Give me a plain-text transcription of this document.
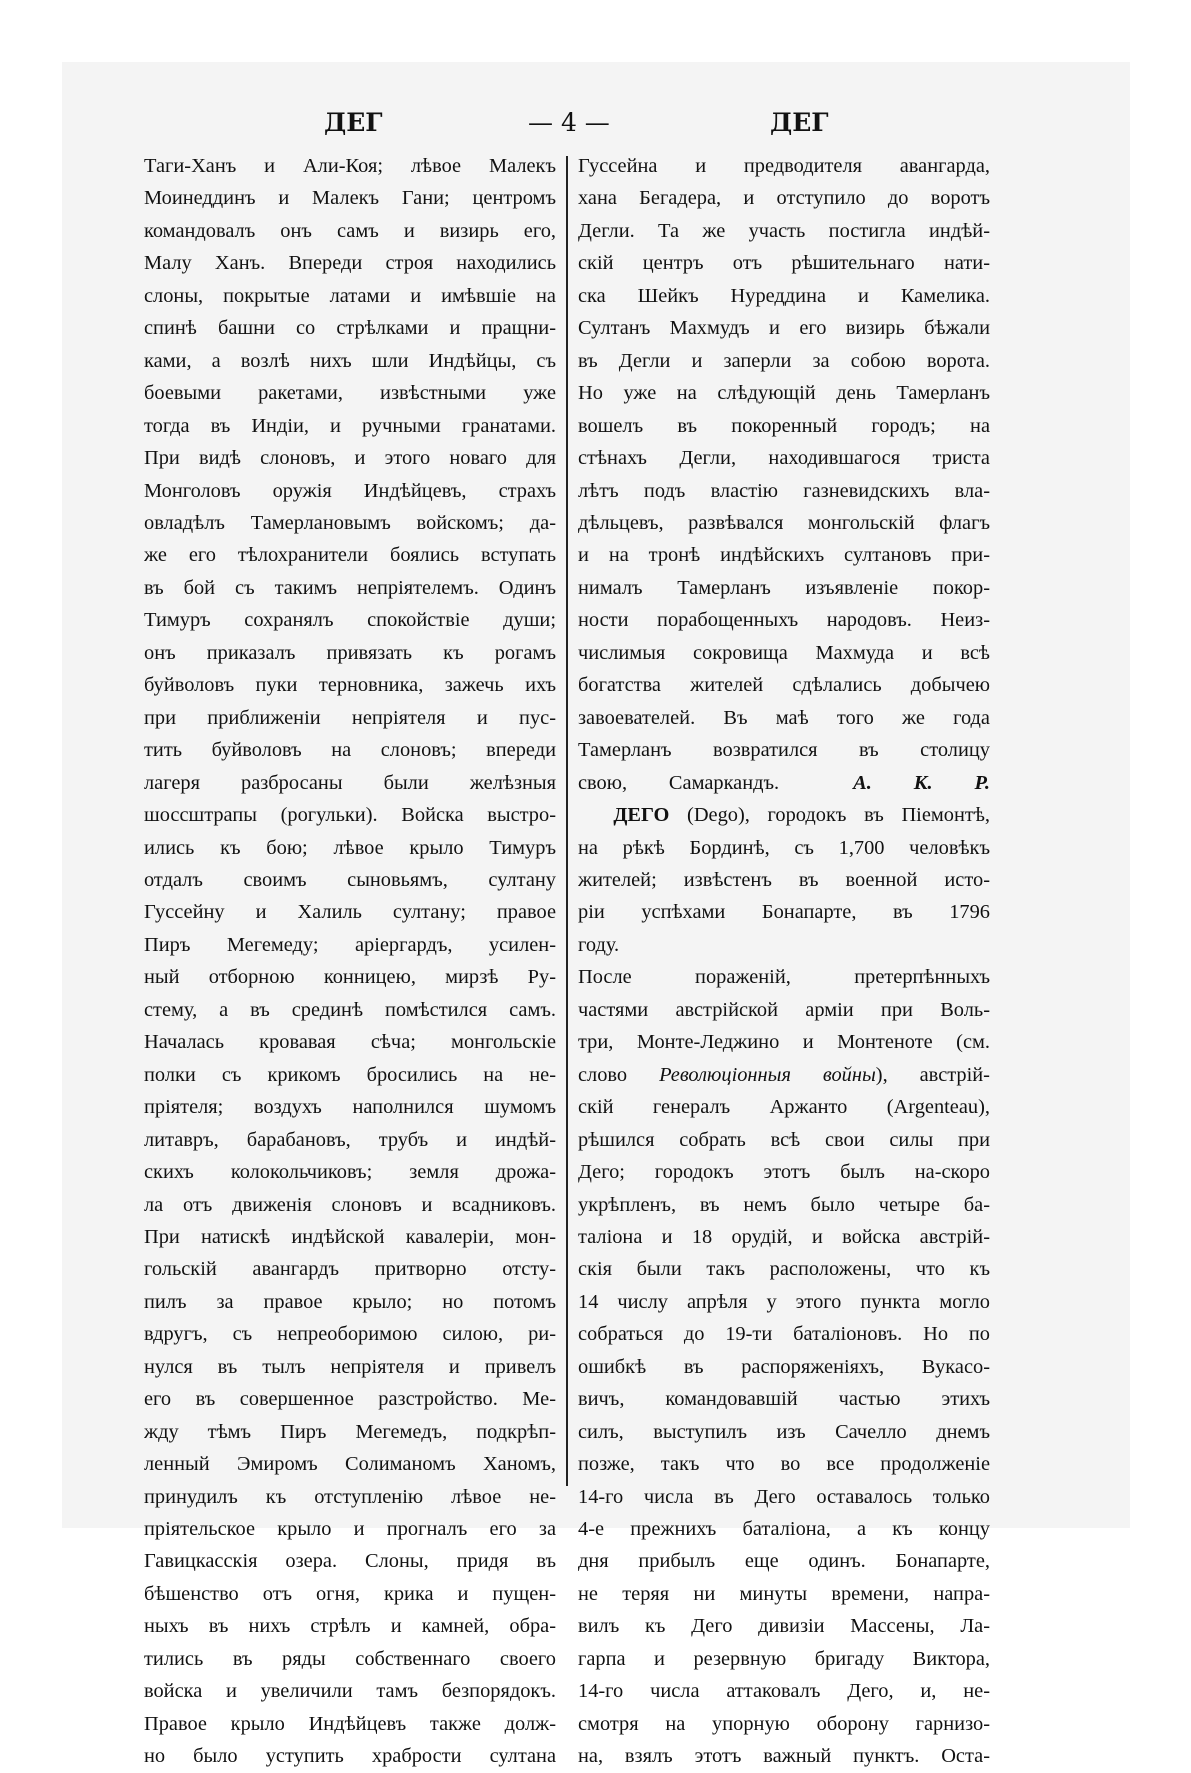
ДЕГ	— 4 —	ДЕГ
Таги-Ханъ и Али-Коя; лѣвое Малекъ
Моинеддинъ и Малекъ Гани; центромъ
командовалъ онъ самъ и визирь его,
Малу Ханъ. Впереди строя находились
слоны, покрытые латами и имѣвшіе на
спинѣ башни со стрѣлками и пращни-
ками, а возлѣ нихъ шли Индѣйцы, съ
боевыми ракетами, извѣстными уже
тогда въ Индіи, и ручными гранатами.
При видѣ слоновъ, и этого новаго для
Монголовъ оружія Индѣйцевъ, страхъ
овладѣлъ Тамерлановымъ войскомъ; да-
же его тѣлохранители боялись вступать
въ бой съ такимъ непріятелемъ. Одинъ
Тимуръ сохранялъ спокойствіе души;
онъ приказалъ привязать къ рогамъ
буйволовъ пуки терновника, зажечь ихъ
при приближеніи непріятеля и пус-
тить буйволовъ на слоновъ; впереди
лагеря разбросаны были желѣзныя
шоссштрапы (рогульки). Войска выстро-
ились къ бою; лѣвое крыло Тимуръ
отдалъ своимъ сыновьямъ, султану
Гуссейну и Халиль султану; правое
Пиръ Мегемеду; аріергардъ, усилен-
ный отборною конницею, мирзѣ Ру-
стему, а въ срединѣ помѣстился самъ.
Началась кровавая сѣча; монгольскіе
полки съ крикомъ бросились на не-
пріятеля; воздухъ наполнился шумомъ
литавръ, барабановъ, трубъ и индѣй-
скихъ колокольчиковъ; земля дрожа-
ла отъ движенія слоновъ и всадниковъ.
При натискѣ индѣйской кавалеріи, мон-
гольскій авангардъ притворно отсту-
пилъ за правое крыло; но потомъ
вдругъ, съ непреоборимою силою, ри-
нулся въ тылъ непріятеля и привелъ
его въ совершенное разстройство. Ме-
жду тѣмъ Пиръ Мегемедъ, подкрѣп-
ленный Эмиромъ Солиманомъ Ханомъ,
принудилъ къ отступленію лѣвое не-
пріятельское крыло и прогналъ его за
Гавицкасскія озера. Слоны, придя въ
бѣшенство отъ огня, крика и пущен-
ныхъ въ нихъ стрѣлъ и камней, обра-
тились въ ряды собственнаго своего
войска и увеличили тамъ безпорядокъ.
Правое крыло Индѣйцевъ также долж-
но было уступить храбрости султана
Гуссейна и предводителя авангарда,
хана Бегадера, и отступило до воротъ
Дегли. Та же участь постигла индѣй-
скій центръ отъ рѣшительнаго нати-
ска Шейкъ Нуреддина и Камелика.
Султанъ Махмудъ и его визирь бѣжали
въ Дегли и заперли за собою ворота.
Но уже на слѣдующій день Тамерланъ
вошелъ въ покоренный городъ; на
стѣнахъ Дегли, находившагося триста
лѣтъ подъ властію газневидскихъ вла-
дѣльцевъ, развѣвался монгольскій флагъ
и на тронѣ индѣйскихъ султановъ при-
нималъ Тамерланъ изъявленіе покор-
ности порабощенныхъ народовъ. Неиз-
числимыя сокровища Махмуда и всѣ
богатства жителей сдѣлались добычею
завоевателей. Въ маѣ того же года
Тамерланъ возвратился въ столицу
свою, Самаркандъ.	А. К. Р.
ДЕГО (Dego), городокъ въ Піемонтѣ,
на рѣкѣ Бординѣ, съ 1,700 человѣкъ
жителей; извѣстенъ въ военной исто-
ріи успѣхами Бонапарте, въ 1796
году.
После пораженій, претерпѣнныхъ
частями австрійской арміи при Воль-
три, Монте-Леджино и Монтеноте (см.
слово Революціонныя войны), австрій-
скій генералъ Аржанто (Argenteau),
рѣшился собрать всѣ свои силы при
Дего; городокъ этотъ былъ на-скоро
укрѣпленъ, въ немъ было четыре ба-
таліона и 18 орудій, и войска австрій-
скія были такъ расположены, что къ
14 числу апрѣля у этого пункта могло
собраться до 19-ти баталіоновъ. Но по
ошибкѣ въ распоряженіяхъ, Вукасо-
вичъ, командовавшій частью этихъ
силъ, выступилъ изъ Сачелло днемъ
позже, такъ что во все продолженіе
14-го числа въ Дего оставалось только
4-е прежнихъ баталіона, а къ концу
дня прибылъ еще одинъ. Бонапарте,
не теряя ни минуты времени, напра-
вилъ къ Дего дивизіи Массены, Ла-
гарпа и резервную бригаду Виктора,
14-го числа аттаковалъ Дего, и, не-
смотря на упорную оборону гарнизо-
на, взялъ этотъ важный пунктъ. Оста-
